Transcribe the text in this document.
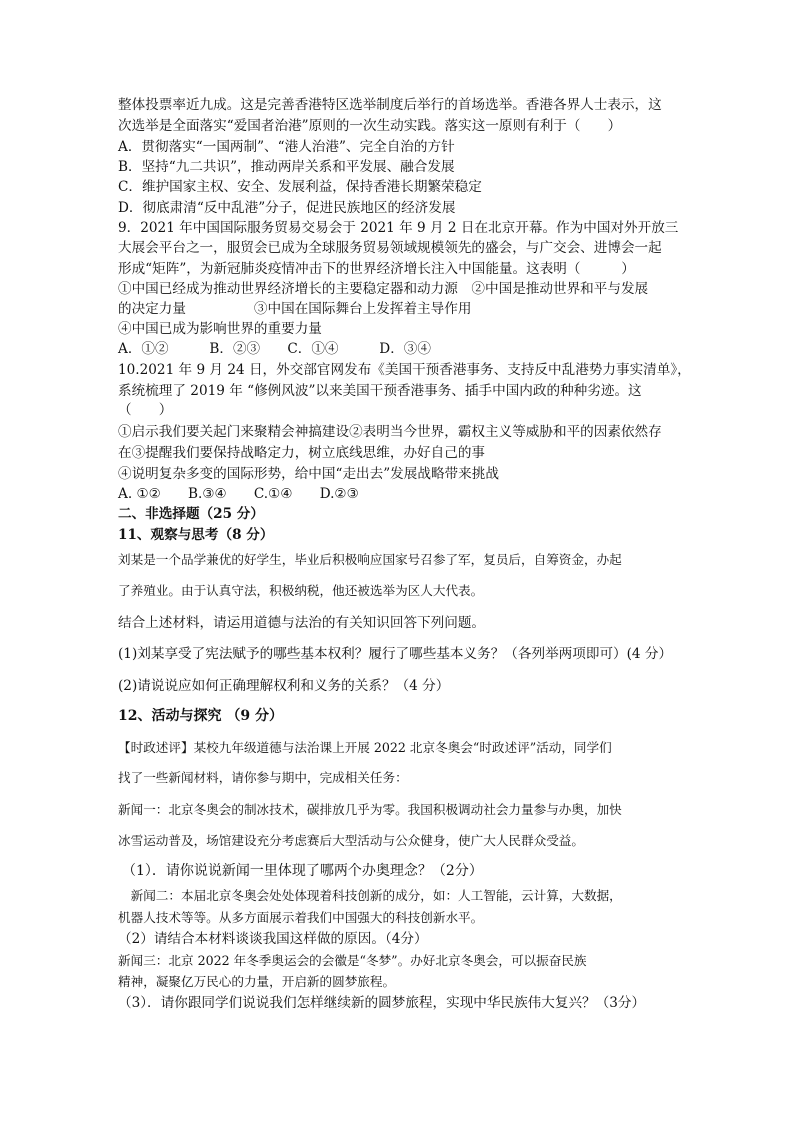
整体投票率近九成。这是完善香港特区选举制度后举行的首场选举。香港各界人士表示，这
次选举是全面落实“爱国者治港”原则的一次生动实践。落实这一原则有利于（　　）
A．贯彻落实“一国两制”、“港人治港”、完全自治的方针
B．坚持“九二共识”，推动两岸关系和平发展、融合发展
C．维护国家主权、安全、发展利益，保持香港长期繁荣稳定
D．彻底肃清“反中乱港”分子，促进民族地区的经济发展
9．2021 年中国国际服务贸易交易会于 2021 年 9 月 2 日在北京开幕。作为中国对外开放三
大展会平台之一，服贸会已成为全球服务贸易领域规模领先的盛会，与广交会、进博会一起
形成“矩阵”，为新冠肺炎疫情冲击下的世界经济增长注入中国能量。这表明（　　　）
①中国已经成为推动世界经济增长的主要稳定器和动力源　②中国是推动世界和平与发展
的决定力量　　　　　③中国在国际舞台上发挥着主导作用
④中国已成为影响世界的重要力量
A．①②　　　B．②③　　C．①④　　　D．③④
10.2021 年 9 月 24 日，外交部官网发布《美国干预香港事务、支持反中乱港势力事实清单》，
系统梳理了 2019 年 “修例风波”以来美国干预香港事务、插手中国内政的种种劣迹。这
（　　）
①启示我们要关起门来聚精会神搞建设②表明当今世界，霸权主义等威胁和平的因素依然存
在③提醒我们要保持战略定力，树立底线思维，办好自己的事
④说明复杂多变的国际形势，给中国“走出去”发展战略带来挑战
A. ①②　　B.③④　　C.①④　　D.②③
二、非选择题（25 分）
11、观察与思考（8 分）
刘某是一个品学兼优的好学生，毕业后积极响应国家号召参了军，复员后，自筹资金，办起
了养殖业。由于认真守法，积极纳税，他还被选举为区人大代表。
结合上述材料，请运用道德与法治的有关知识回答下列问题。
(1)刘某享受了宪法赋予的哪些基本权利？履行了哪些基本义务？（各列举两项即可）(4 分）
(2)请说说应如何正确理解权利和义务的关系？（4 分）
12、活动与探究 （9 分）
【时政述评】某校九年级道德与法治课上开展 2022 北京冬奥会“时政述评”活动，同学们
找了一些新闻材料，请你参与期中，完成相关任务：
新闻一：北京冬奥会的制冰技术，碳排放几乎为零。我国积极调动社会力量参与办奥，加快
冰雪运动普及，场馆建设充分考虑赛后大型活动与公众健身，使广大人民群众受益。
（1）．请你说说新闻一里体现了哪两个办奥理念？（2分）
　新闻二：本届北京冬奥会处处体现着科技创新的成分，如：人工智能，云计算，大数据，
机器人技术等等。从多方面展示着我们中国强大的科技创新水平。
（2）请结合本材料谈谈我国这样做的原因。（4分）
新闻三：北京 2022 年冬季奥运会的会徽是“冬梦”。办好北京冬奥会，可以振奋民族
精神，凝聚亿万民心的力量，开启新的圆梦旅程。
（3）．请你跟同学们说说我们怎样继续新的圆梦旅程，实现中华民族伟大复兴？（3分）
